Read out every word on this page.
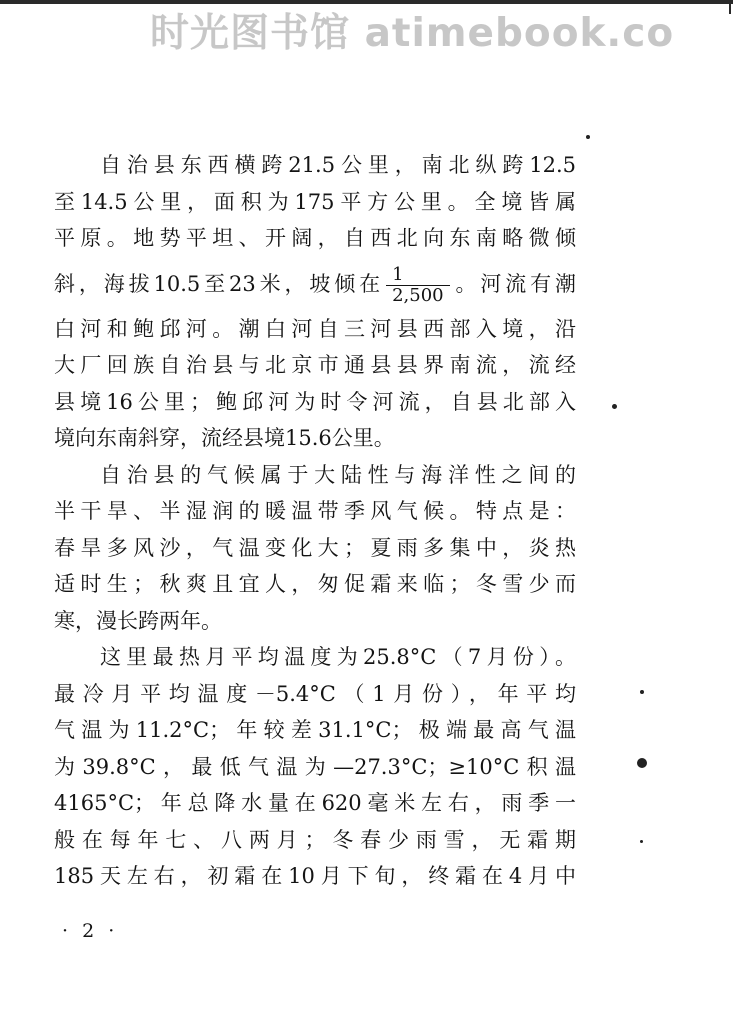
时光图书馆 atimebook.co
自治县东西横跨21.5公里，南北纵跨12.5
至14.5公里，面积为175平方公里。全境皆属
平原。地势平坦、开阔，自西北向东南略微倾
斜，海拔10.5至23米，坡倾在 $\frac{1}{2,500}$ 。河流有潮
白河和鲍邱河。潮白河自三河县西部入境，沿
大厂回族自治县与北京市通县县界南流，流经
县境16公里；鲍邱河为时令河流，自县北部入
境向东南斜穿，流经县境15.6公里。
自治县的气候属于大陆性与海洋性之间的
半干旱、半湿润的暖温带季风气候。特点是：
春旱多风沙，气温变化大；夏雨多集中，炎热
适时生；秋爽且宜人，匆促霜来临；冬雪少而
寒，漫长跨两年。
这里最热月平均温度为25.8°C（7月份）。
最冷月平均温度－5.4°C（1月份），年平均
气温为11.2°C；年较差31.1°C；极端最高气温
为39.8°C，最低气温为—27.3°C；≥10°C积温
4165°C；年总降水量在620毫米左右，雨季一
般在每年七、八两月；冬春少雨雪，无霜期
185天左右，初霜在10月下旬，终霜在4月中
· 2 ·
